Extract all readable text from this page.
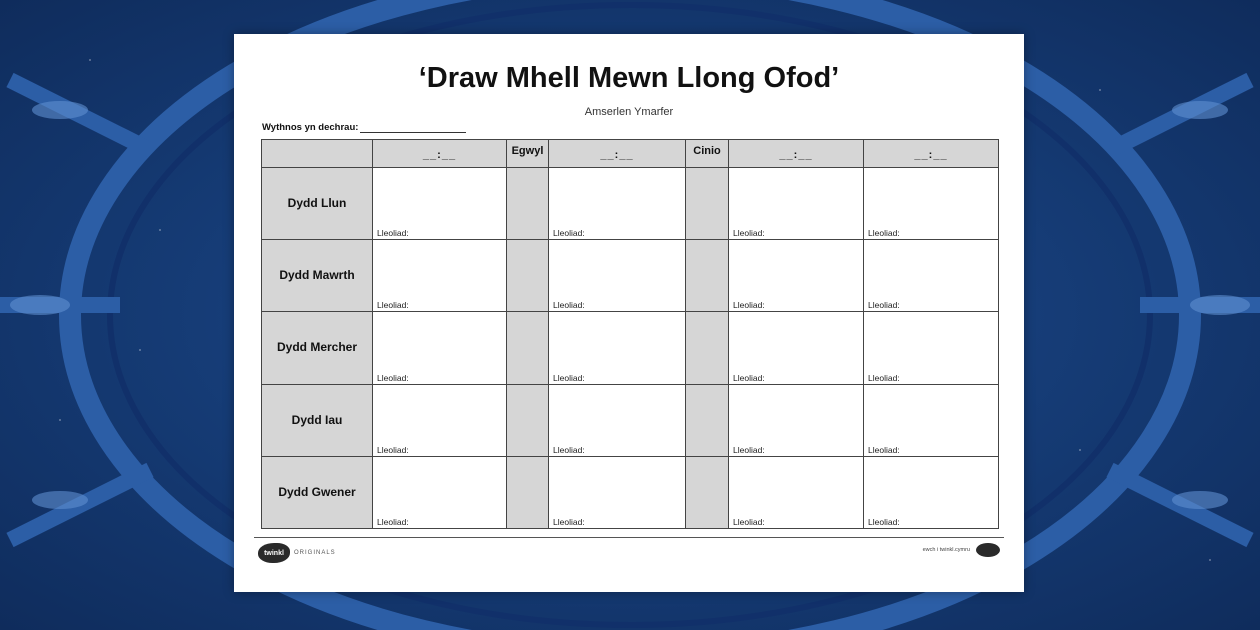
‘Draw Mhell Mewn Llong Ofod’
Amserlen Ymarfer
Wythnos yn dechrau:

	__:__	Egwyl	__:__	Cinio	__:__	__:__

Dydd Llun	Lleoliad:		Lleoliad:		Lleoliad:	Lleoliad:

Dydd Mawrth	Lleoliad:		Lleoliad:		Lleoliad:	Lleoliad:

Dydd Mercher	Lleoliad:		Lleoliad:		Lleoliad:	Lleoliad:

Dydd Iau	Lleoliad:		Lleoliad:		Lleoliad:	Lleoliad:

Dydd Gwener	Lleoliad:		Lleoliad:		Lleoliad:	Lleoliad:
twinkl	ORIGINALS	ewch i twinkl.cymru
